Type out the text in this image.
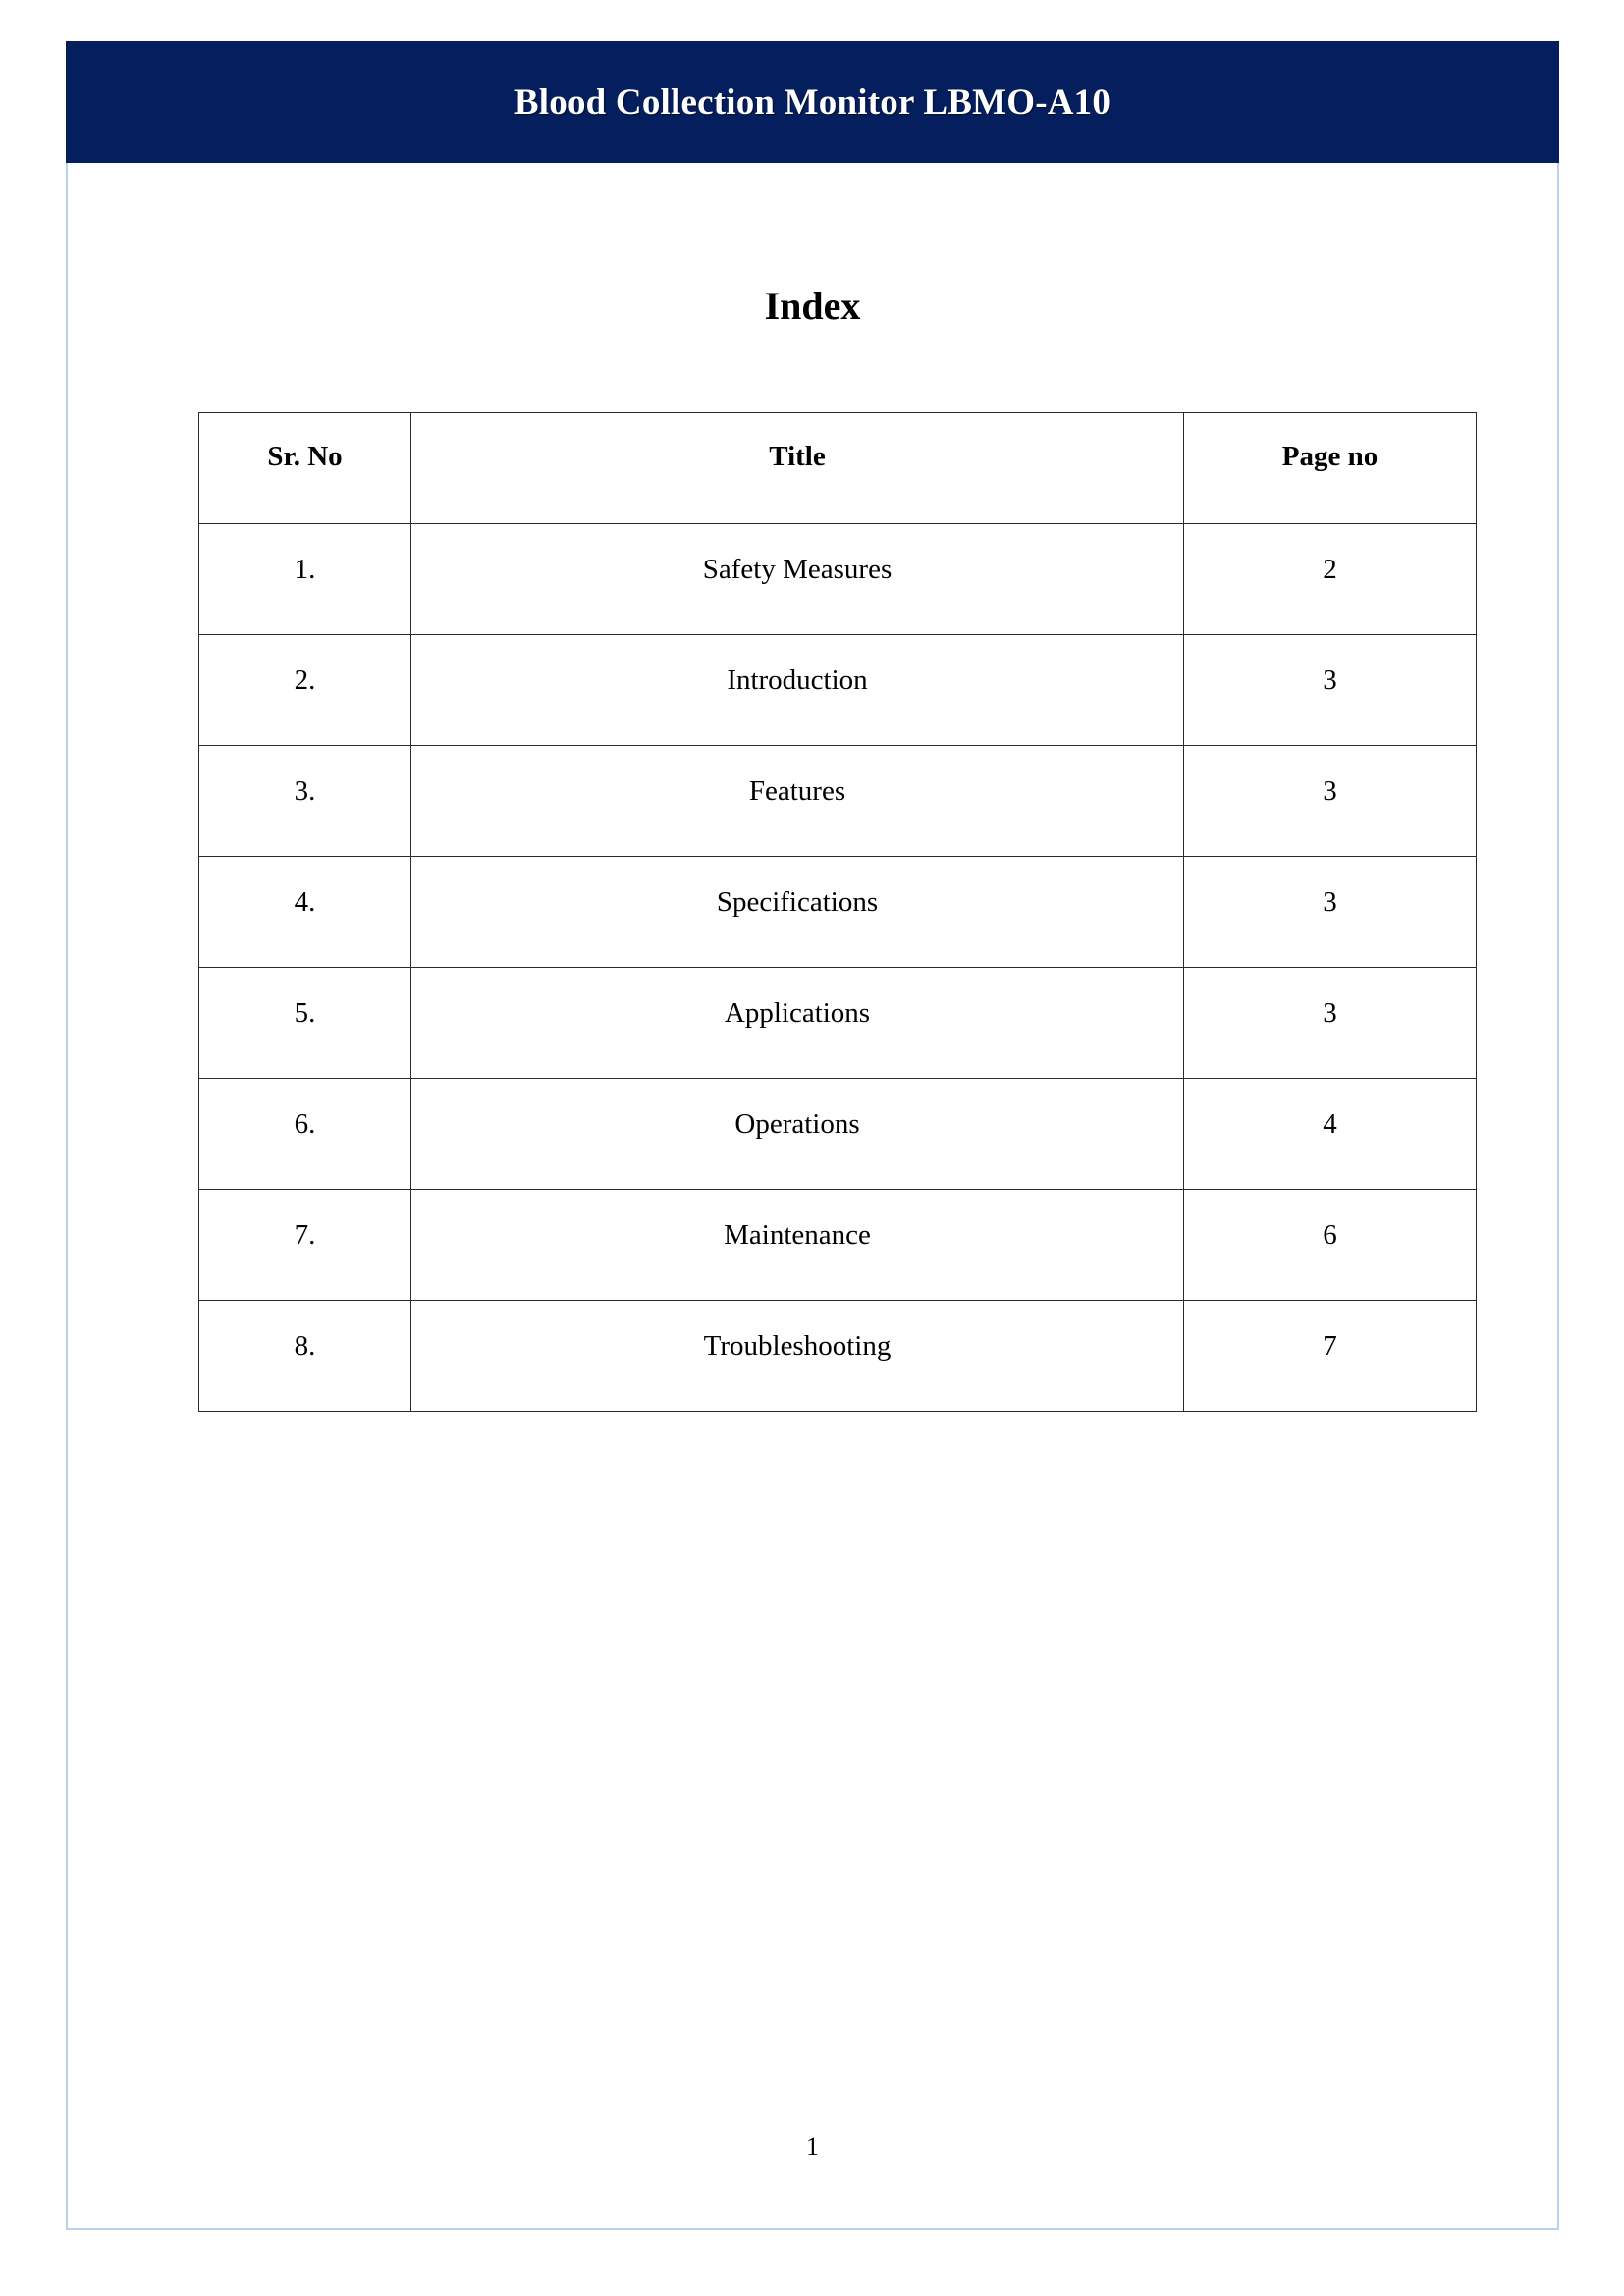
Blood Collection Monitor LBMO-A10
Index
Sr. No	Title	Page no
1.	Safety Measures	2
2.	Introduction	3
3.	Features	3
4.	Specifications	3
5.	Applications	3
6.	Operations	4
7.	Maintenance	6
8.	Troubleshooting	7
1
